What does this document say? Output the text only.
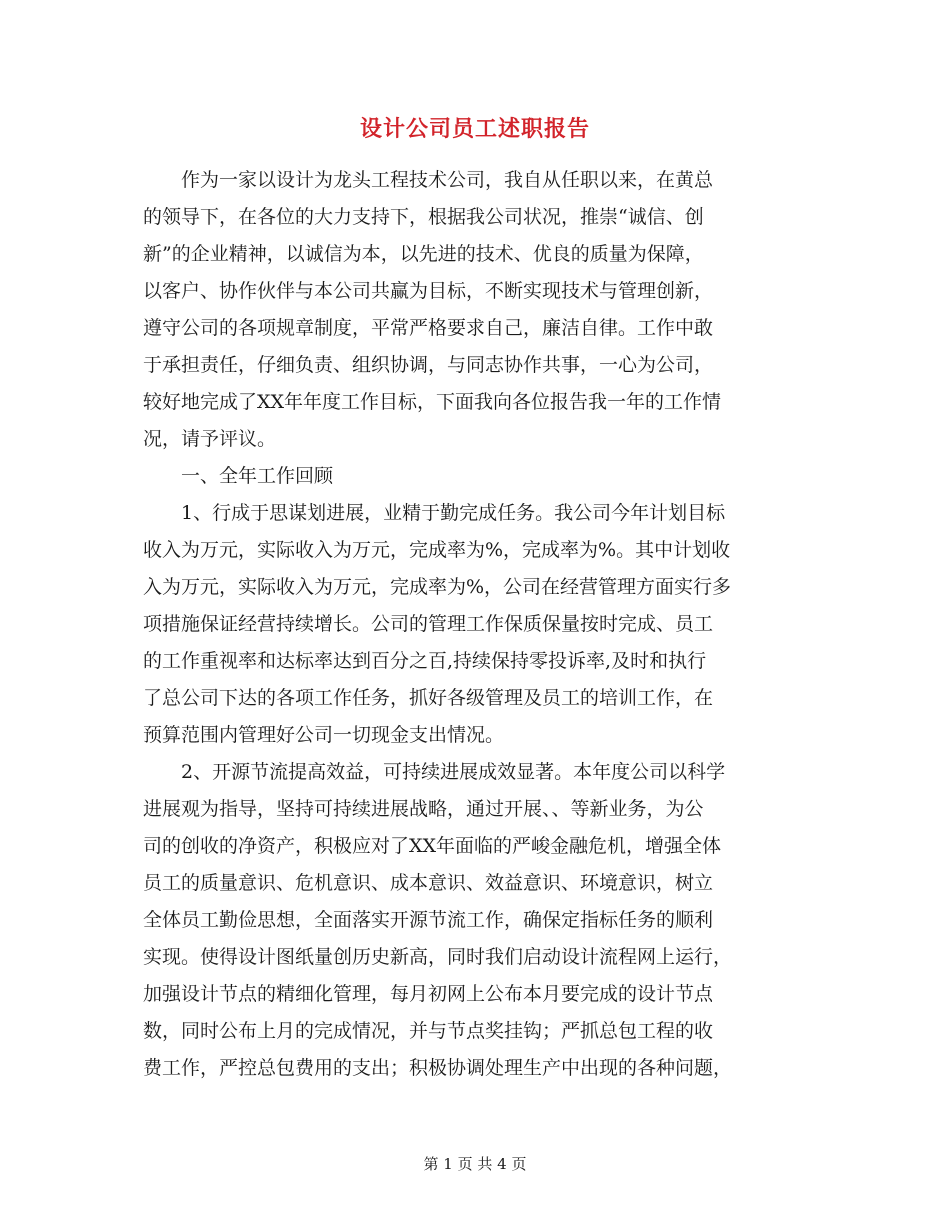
设计公司员工述职报告
　　作为一家以设计为龙头工程技术公司，我自从任职以来，在黄总
的领导下，在各位的大力支持下，根据我公司状况，推崇“诚信、创
新”的企业精神，以诚信为本，以先进的技术、优良的质量为保障，
以客户、协作伙伴与本公司共赢为目标，不断实现技术与管理创新，
遵守公司的各项规章制度，平常严格要求自己，廉洁自律。工作中敢
于承担责任，仔细负责、组织协调，与同志协作共事，一心为公司，
较好地完成了XX年年度工作目标，下面我向各位报告我一年的工作情
况，请予评议。
　　一、全年工作回顾
　　1、行成于思谋划进展，业精于勤完成任务。我公司今年计划目标
收入为万元，实际收入为万元，完成率为%，完成率为%。其中计划收
入为万元，实际收入为万元，完成率为%，公司在经营管理方面实行多
项措施保证经营持续增长。公司的管理工作保质保量按时完成、员工
的工作重视率和达标率达到百分之百,持续保持零投诉率,及时和执行
了总公司下达的各项工作任务，抓好各级管理及员工的培训工作，在
预算范围内管理好公司一切现金支出情况。
　　2、开源节流提高效益，可持续进展成效显著。本年度公司以科学
进展观为指导，坚持可持续进展战略，通过开展、、等新业务，为公
司的创收的净资产，积极应对了XX年面临的严峻金融危机，增强全体
员工的质量意识、危机意识、成本意识、效益意识、环境意识，树立
全体员工勤俭思想，全面落实开源节流工作，确保定指标任务的顺利
实现。使得设计图纸量创历史新高，同时我们启动设计流程网上运行，
加强设计节点的精细化管理，每月初网上公布本月要完成的设计节点
数，同时公布上月的完成情况，并与节点奖挂钩；严抓总包工程的收
费工作，严控总包费用的支出；积极协调处理生产中出现的各种问题，
第 1 页 共 4 页
